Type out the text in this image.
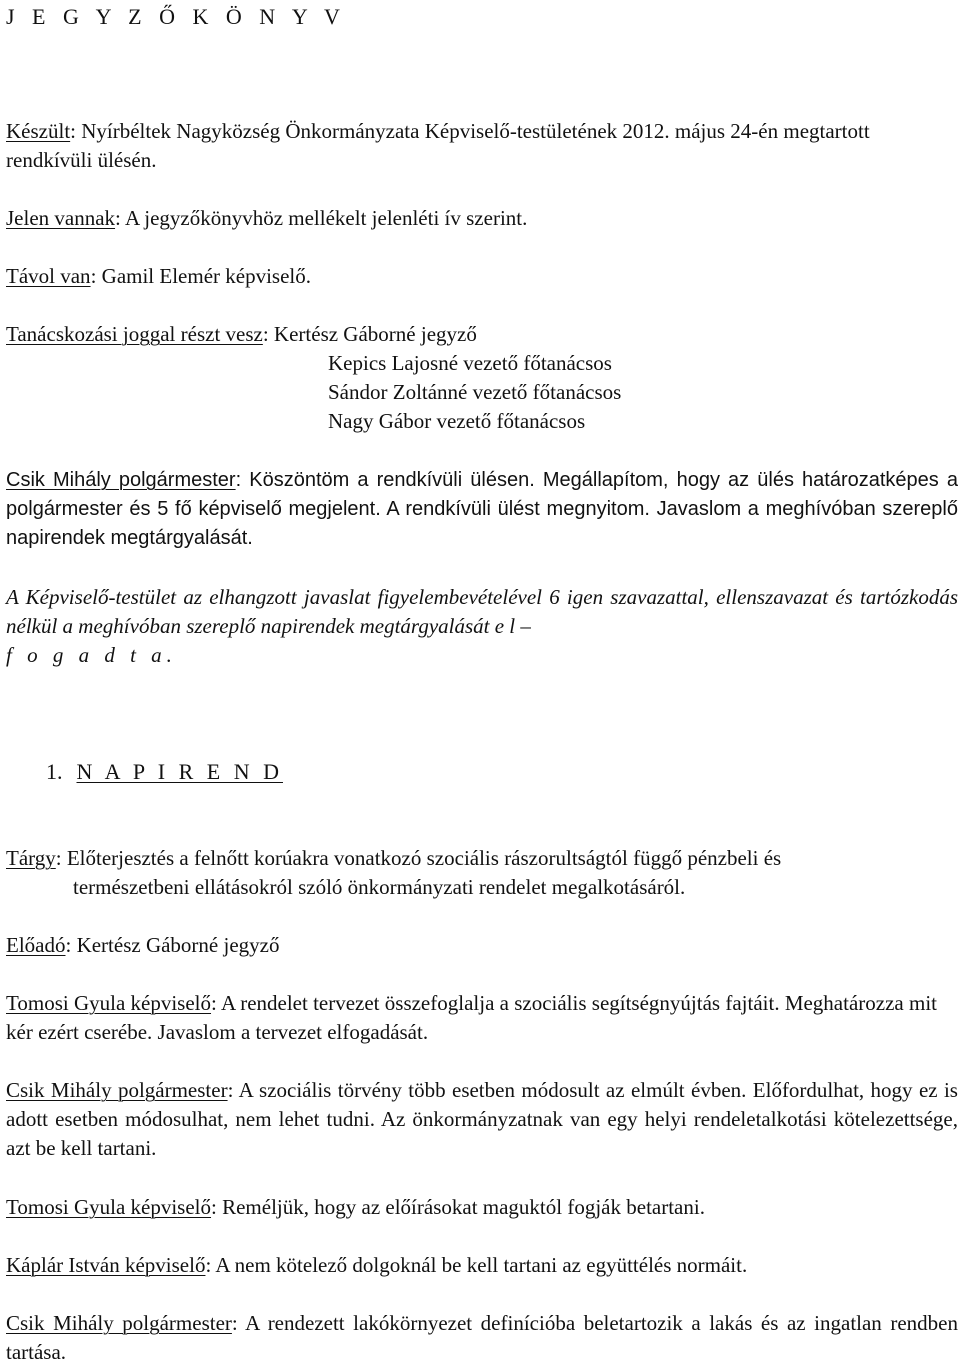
J E G Y Z Ő K Ö N Y V

Készült: Nyírbéltek Nagyközség Önkormányzata Képviselő-testületének 2012. május 24-én megtartott rendkívüli ülésén.

Jelen vannak: A jegyzőkönyvhöz mellékelt jelenléti ív szerint.

Távol van: Gamil Elemér képviselő.

Tanácskozási joggal részt vesz: Kertész Gáborné jegyző
Kepics Lajosné vezető főtanácsos
Sándor Zoltánné vezető főtanácsos
Nagy Gábor vezető főtanácsos

Csik Mihály polgármester: Köszöntöm a rendkívüli ülésen. Megállapítom, hogy az ülés határozatképes a polgármester és 5 fő képviselő megjelent. A rendkívüli ülést megnyitom. Javaslom a meghívóban szereplő napirendek megtárgyalását.

A Képviselő-testület az elhangzott javaslat figyelembevételével 6 igen szavazattal, ellenszavazat és tartózkodás nélkül a meghívóban szereplő napirendek megtárgyalását e l –
f o g a d t a.

1. N A P I R E N D

Tárgy: Előterjesztés a felnőtt korúakra vonatkozó szociális rászorultságtól függő pénzbeli és
természetbeni ellátásokról szóló önkormányzati rendelet megalkotásáról.

Előadó: Kertész Gáborné jegyző

Tomosi Gyula képviselő: A rendelet tervezet összefoglalja a szociális segítségnyújtás fajtáit. Meghatározza mit kér ezért cserébe. Javaslom a tervezet elfogadását.

Csik Mihály polgármester: A szociális törvény több esetben módosult az elmúlt évben. Előfordulhat, hogy ez is adott esetben módosulhat, nem lehet tudni. Az önkormányzatnak van egy helyi rendeletalkotási kötelezettsége, azt be kell tartani.

Tomosi Gyula képviselő: Reméljük, hogy az előírásokat maguktól fogják betartani.

Káplár István képviselő: A nem kötelező dolgoknál be kell tartani az együttélés normáit.

Csik Mihály polgármester: A rendezett lakókörnyezet definícióba beletartozik a lakás és az ingatlan rendben tartása.
